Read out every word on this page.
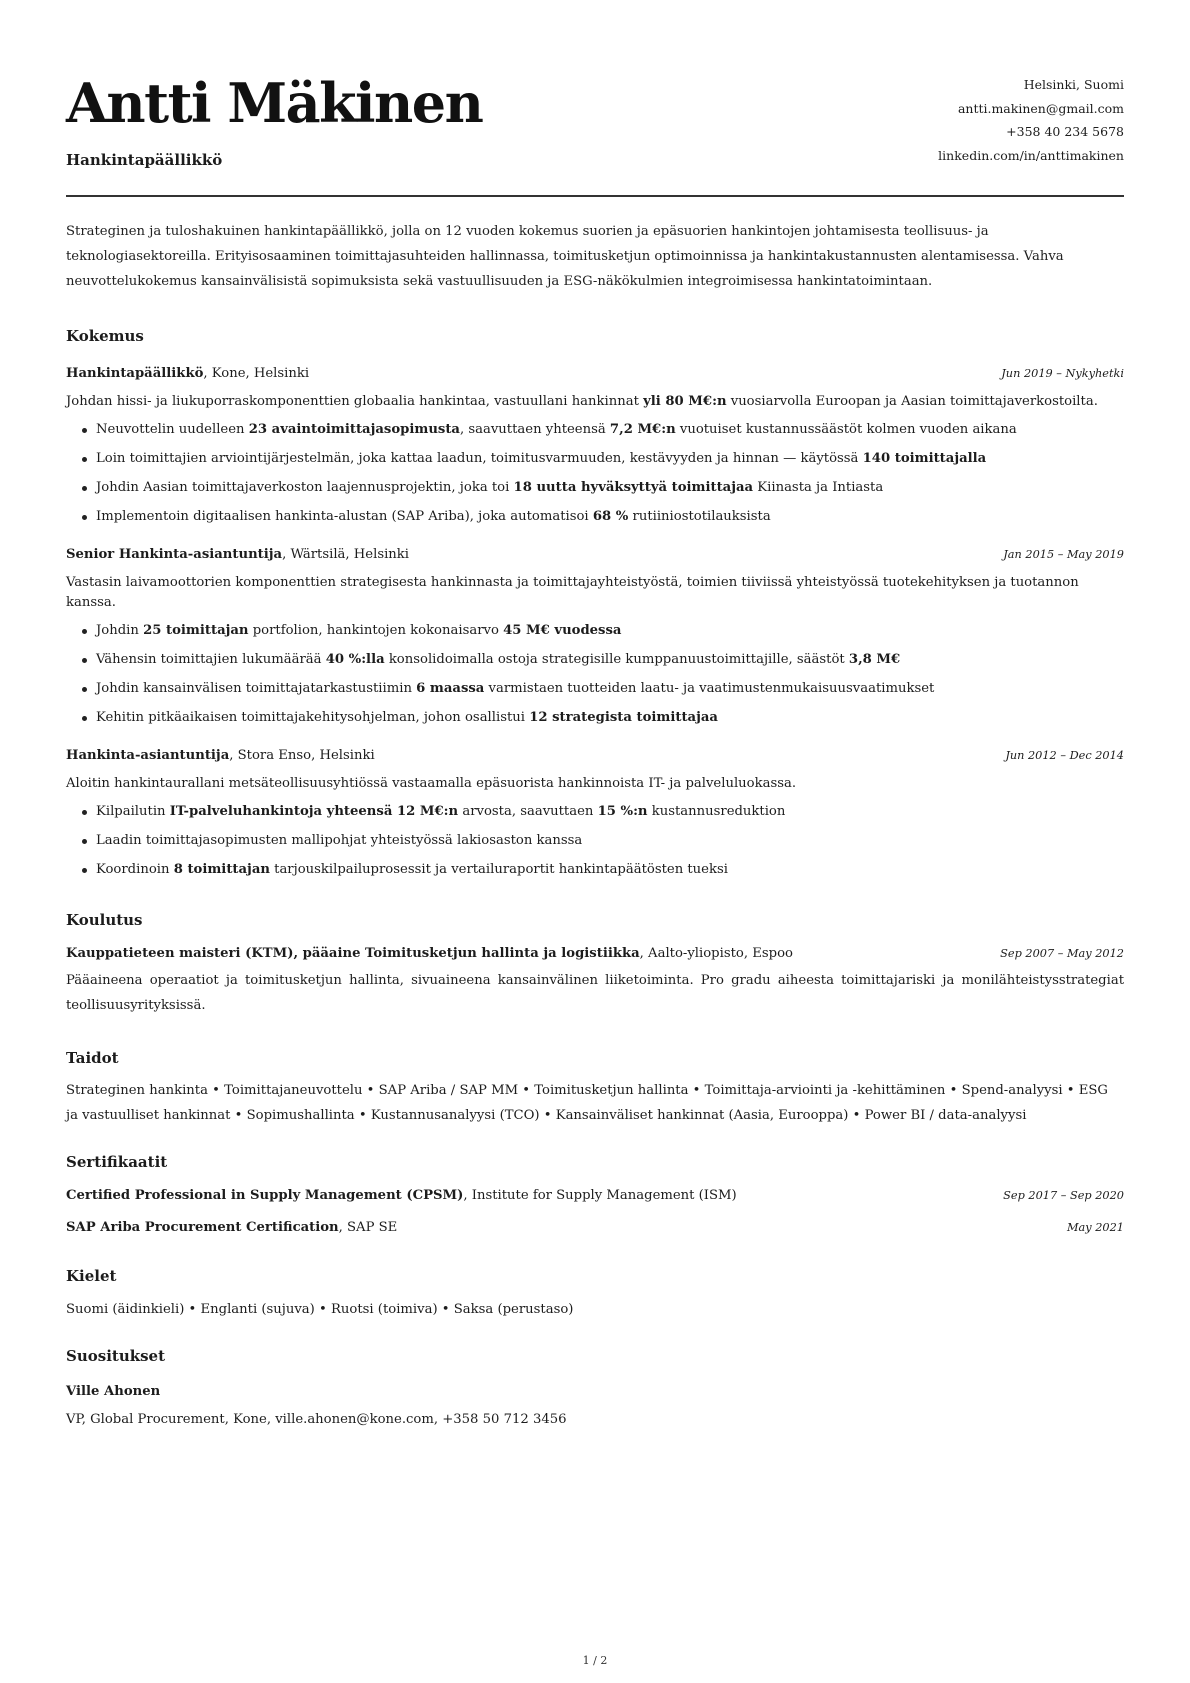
Antti Mäkinen
Hankintapäällikkö
Helsinki, Suomi
antti.makinen@gmail.com
+358 40 234 5678
linkedin.com/in/anttimakinen
Strateginen ja tuloshakuinen hankintapäällikkö, jolla on 12 vuoden kokemus suorien ja epäsuorien hankintojen johtamisesta teollisuus- ja teknologiasektoreilla. Erityisosaaminen toimittajasuhteiden hallinnassa, toimitusketjun optimoinnissa ja hankintakustannusten alentamisessa. Vahva neuvottelukokemus kansainvälisistä sopimuksista sekä vastuullisuuden ja ESG-näkökulmien integroimisessa hankintatoimintaan.
Kokemus
Hankintapäällikkö, Kone, Helsinki	Jun 2019 – Nykyhetki
Johdan hissi- ja liukuporraskomponenttien globaalia hankintaa, vastuullani hankinnat yli 80 M€:n vuosiarvolla Euroopan ja Aasian toimittajaverkostoilta.
Neuvottelin uudelleen 23 avaintoimittajasopimusta, saavuttaen yhteensä 7,2 M€:n vuotuiset kustannussäästöt kolmen vuoden aikana
Loin toimittajien arviointijärjestelmän, joka kattaa laadun, toimitusvarmuuden, kestävyyden ja hinnan — käytössä 140 toimittajalla
Johdin Aasian toimittajaverkoston laajennusprojektin, joka toi 18 uutta hyväksyttyä toimittajaa Kiinasta ja Intiasta
Implementoin digitaalisen hankinta-alustan (SAP Ariba), joka automatisoi 68 % rutiiniostotilauksista
Senior Hankinta-asiantuntija, Wärtsilä, Helsinki	Jan 2015 – May 2019
Vastasin laivamoottorien komponenttien strategisesta hankinnasta ja toimittajayhteistyöstä, toimien tiiviissä yhteistyössä tuotekehityksen ja tuotannon kanssa.
Johdin 25 toimittajan portfolion, hankintojen kokonaisarvo 45 M€ vuodessa
Vähensin toimittajien lukumäärää 40 %:lla konsolidoimalla ostoja strategisille kumppanuustoimittajille, säästöt 3,8 M€
Johdin kansainvälisen toimittajatarkastustiimin 6 maassa varmistaen tuotteiden laatu- ja vaatimustenmukaisuusvaatimukset
Kehitin pitkäaikaisen toimittajakehitysohjelman, johon osallistui 12 strategista toimittajaa
Hankinta-asiantuntija, Stora Enso, Helsinki	Jun 2012 – Dec 2014
Aloitin hankintaurallani metsäteollisuusyhtiössä vastaamalla epäsuorista hankinnoista IT- ja palveluluokassa.
Kilpailutin IT-palveluhankintoja yhteensä 12 M€:n arvosta, saavuttaen 15 %:n kustannusreduktion
Laadin toimittajasopimusten mallipohjat yhteistyössä lakiosaston kanssa
Koordinoin 8 toimittajan tarjouskilpailuprosessit ja vertailuraportit hankintapäätösten tueksi
Koulutus
Kauppatieteen maisteri (KTM), pääaine Toimitusketjun hallinta ja logistiikka, Aalto-yliopisto, Espoo	Sep 2007 – May 2012
Pääaineena operaatiot ja toimitusketjun hallinta, sivuaineena kansainvälinen liiketoiminta. Pro gradu aiheesta toimittajariski ja monilähteistysstrategiat teollisuusyrityksissä.
Taidot
Strateginen hankinta • Toimittajaneuvottelu • SAP Ariba / SAP MM • Toimitusketjun hallinta • Toimittaja-arviointi ja -kehittäminen • Spend-analyysi • ESG ja vastuulliset hankinnat • Sopimushallinta • Kustannusanalyysi (TCO) • Kansainväliset hankinnat (Aasia, Eurooppa) • Power BI / data-analyysi
Sertifikaatit
Certified Professional in Supply Management (CPSM), Institute for Supply Management (ISM)	Sep 2017 – Sep 2020
SAP Ariba Procurement Certification, SAP SE	May 2021
Kielet
Suomi (äidinkieli) • Englanti (sujuva) • Ruotsi (toimiva) • Saksa (perustaso)
Suositukset
Ville Ahonen
VP, Global Procurement, Kone, ville.ahonen@kone.com, +358 50 712 3456
1 / 2
